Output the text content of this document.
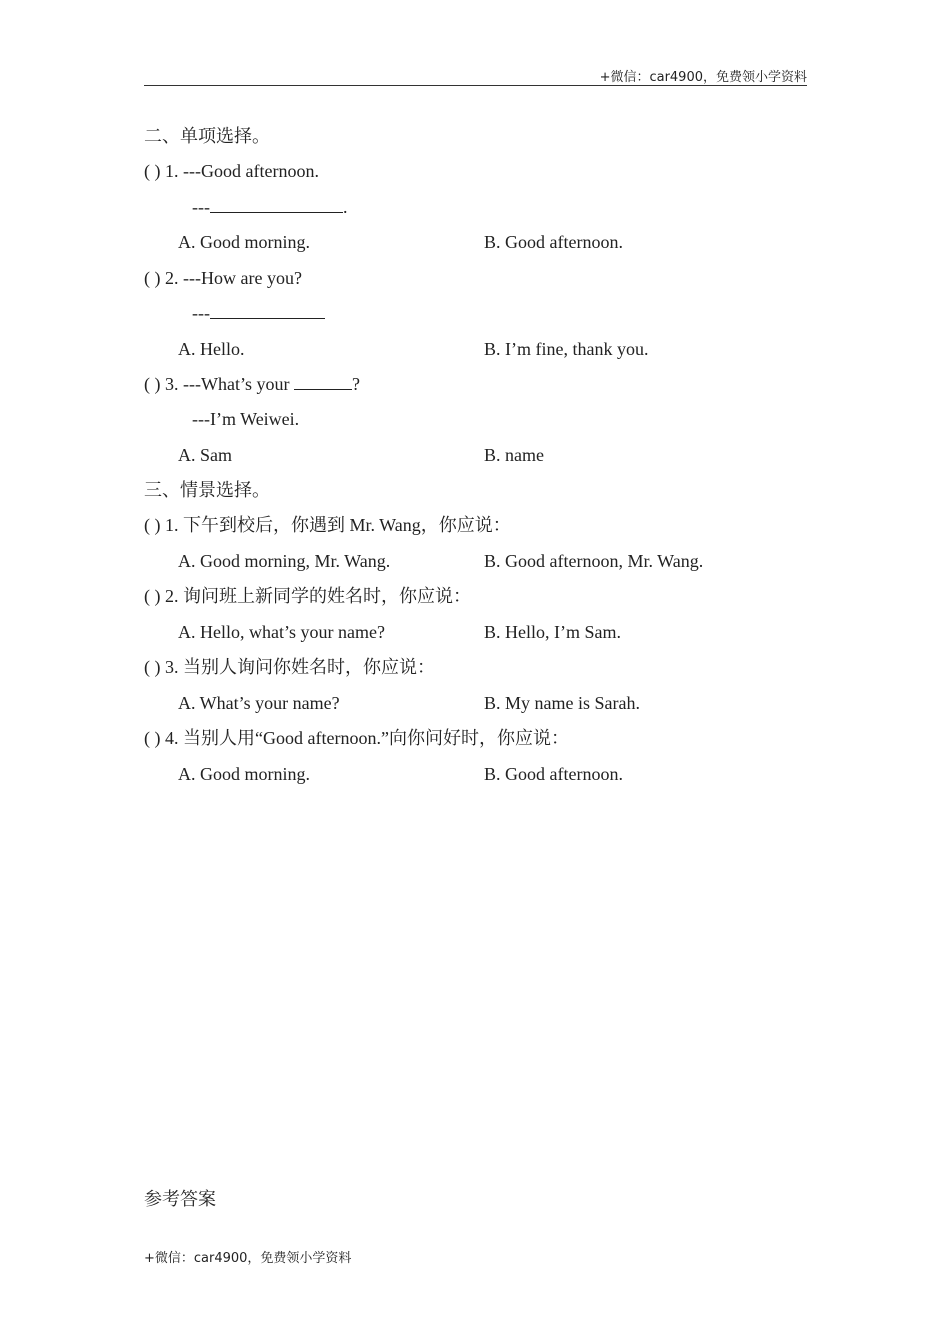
+微信：car4900，免费领小学资料
二、单项选择。
( ) 1. ---Good afternoon.
---	.
A. Good morning.	B. Good afternoon.
( ) 2. ---How are you?
---
A. Hello.	B. I’m fine, thank you.
( ) 3. ---What’s your	?
---I’m Weiwei.
A. Sam	B. name
三、情景选择。
( ) 1. 下午到校后，你遇到 Mr. Wang，你应说：
A. Good morning, Mr. Wang.	B. Good afternoon, Mr. Wang.
( ) 2. 询问班上新同学的姓名时，你应说：
A. Hello, what’s your name?	B. Hello, I’m Sam.
( ) 3. 当别人询问你姓名时，你应说：
A. What’s your name?	B. My name is Sarah.
( ) 4. 当别人用“Good afternoon.”向你问好时，你应说：
A. Good morning.	B. Good afternoon.
参考答案
+微信：car4900，免费领小学资料
